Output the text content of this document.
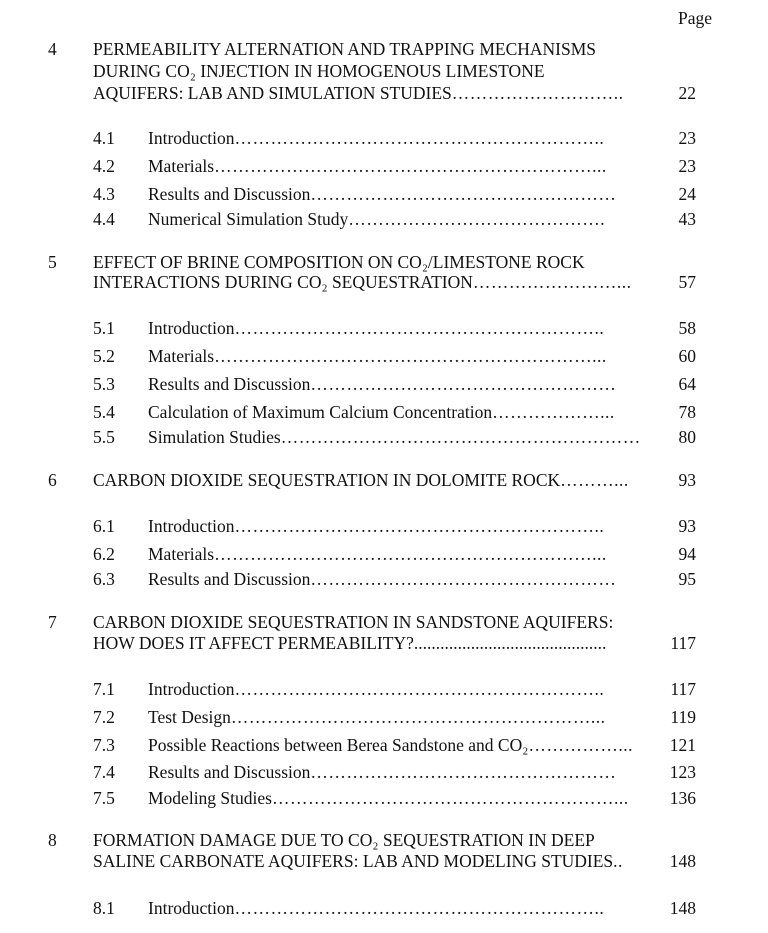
Page
4 PERMEABILITY ALTERNATION AND TRAPPING MECHANISMS
DURING CO₂ INJECTION IN HOMOGENOUS LIMESTONE
AQUIFERS: LAB AND SIMULATION STUDIES………………………..	22
4.1 Introduction……………………………………………………..	23
4.2 Materials………………………………………………………...	23
4.3 Results and Discussion……………………………………………	24
4.4 Numerical Simulation Study…………………………………….	43
5 EFFECT OF BRINE COMPOSITION ON CO₂/LIMESTONE ROCK
INTERACTIONS DURING CO₂ SEQUESTRATION……………………...	57
5.1 Introduction……………………………………………………..	58
5.2 Materials………………………………………………………...	60
5.3 Results and Discussion……………………………………………	64
5.4 Calculation of Maximum Calcium Concentration………………...	78
5.5 Simulation Studies…………………………………………………… 80
6 CARBON DIOXIDE SEQUESTRATION IN DOLOMITE ROCK………...	93
6.1 Introduction……………………………………………………..	93
6.2 Materials………………………………………………………...	94
6.3 Results and Discussion……………………………………………	95
7 CARBON DIOXIDE SEQUESTRATION IN SANDSTONE AQUIFERS:
HOW DOES IT AFFECT PERMEABILITY?............................................	117
7.1 Introduction……………………………………………………..	117
7.2 Test Design……………………………………………………...	119
7.3 Possible Reactions between Berea Sandstone and CO₂……………... 121
7.4 Results and Discussion……………………………………………	123
7.5 Modeling Studies…………………………………………………... 136
8 FORMATION DAMAGE DUE TO CO₂ SEQUESTRATION IN DEEP
SALINE CARBONATE AQUIFERS: LAB AND MODELING STUDIES..	148
8.1 Introduction……………………………………………………..	148
